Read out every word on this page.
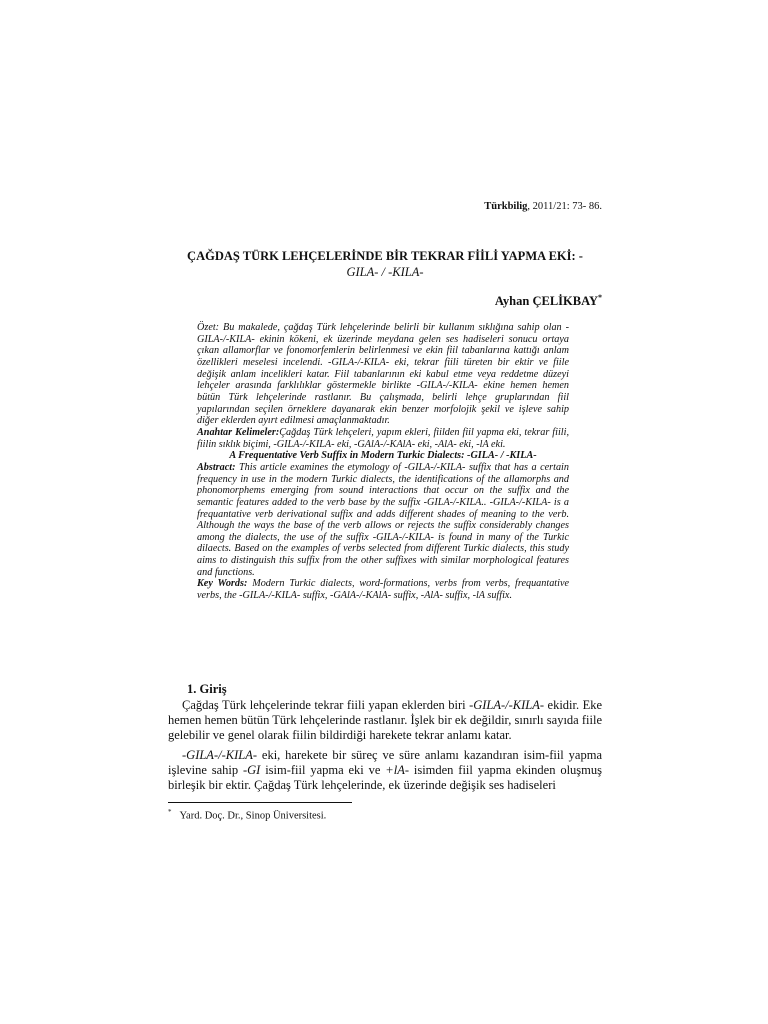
Türkbilig, 2011/21: 73- 86.
ÇAĞDAŞ TÜRK LEHÇELERİNDE BİR TEKRAR FİİLİ YAPMA EKİ: -
GILA- / -KILA-
Ayhan ÇELİKBAY*

Özet: Bu makalede, çağdaş Türk lehçelerinde belirli bir kullanım sıklığına sahip olan -GILA-/-KILA- ekinin kökeni, ek üzerinde meydana gelen ses hadiseleri sonucu ortaya çıkan allamorflar ve fonomorfemlerin belirlenmesi ve ekin fiil tabanlarına kattığı anlam özellikleri meselesi incelendi. -GILA-/-KILA- eki, tekrar fiili türeten bir ektir ve fiile değişik anlam incelikleri katar. Fiil tabanlarının eki kabul etme veya reddetme düzeyi lehçeler arasında farklılıklar göstermekle birlikte -GILA-/-KILA- ekine hemen hemen bütün Türk lehçelerinde rastlanır. Bu çalışmada, belirli lehçe gruplarından fiil yapılarından seçilen örneklere dayanarak ekin benzer morfolojik şekil ve işleve sahip diğer eklerden ayırt edilmesi amaçlanmaktadır.

Anahtar Kelimeler:Çağdaş Türk lehçeleri, yapım ekleri, fiilden fiil yapma eki, tekrar fiili, fiilin sıklık biçimi, -GILA-/-KILA- eki, -GAlA-/-KAlA- eki, -AlA- eki, -lA eki.

A Frequentative Verb Suffix in Modern Turkic Dialects: -GILA- / -KILA-

Abstract: This article examines the etymology of -GILA-/-KILA- suffix that has a certain frequency in use in the modern Turkic dialects, the identifications of the allamorphs and phonomorphems emerging from sound interactions that occur on the suffix and the semantic features added to the verb base by the suffix -GILA-/-KILA.. -GILA-/-KILA- is a frequantative verb derivational suffix and adds different shades of meaning to the verb. Although the ways the base of the verb allows or rejects the suffix considerably changes among the dialects, the use of the suffix -GILA-/-KILA- is found in many of the Turkic dilaects. Based on the examples of verbs selected from different Turkic dialects, this study aims to distinguish this suffix from the other suffixes with similar morphological features and functions.

Key Words: Modern Turkic dialects, word-formations, verbs from verbs, frequantative verbs, the -GILA-/-KILA- suffix, -GAlA-/-KAlA- suffix, -AlA- suffix, -lA suffix.

1. Giriş

Çağdaş Türk lehçelerinde tekrar fiili yapan eklerden biri -GILA-/-KILA- ekidir. Eke hemen hemen bütün Türk lehçelerinde rastlanır. İşlek bir ek değildir, sınırlı sayıda fiile gelebilir ve genel olarak fiilin bildirdiği harekete tekrar anlamı katar.

-GILA-/-KILA- eki, harekete bir süreç ve süre anlamı kazandıran isim-fiil yapma işlevine sahip -GI isim-fiil yapma eki ve +lA- isimden fiil yapma ekinden oluşmuş birleşik bir ektir. Çağdaş Türk lehçelerinde, ek üzerinde değişik ses hadiseleri

* Yard. Doç. Dr., Sinop Üniversitesi.
